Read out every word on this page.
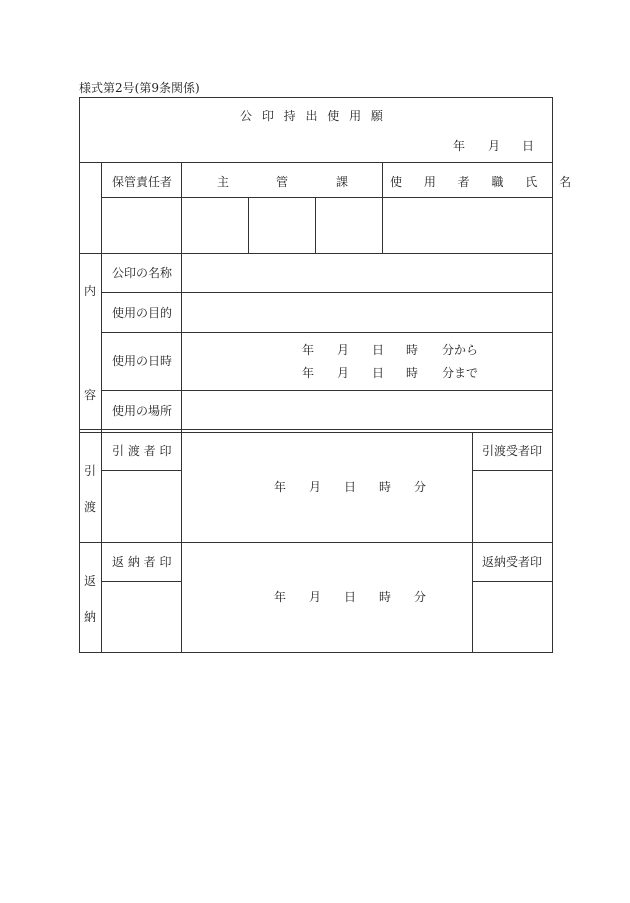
様式第2号(第9条関係)
公 印 持 出 使 用 願
年 月 日
保管責任者	主	管	課	使 用 者 職 氏 名
内
容
公印の名称
使用の目的
使用の日時
年 月 日 時 分から
年 月 日 時 分まで
使用の場所
引
渡
引 渡 者 印	引渡受者印
年 月 日 時 分
返
納
返 納 者 印	返納受者印
年 月 日 時 分
